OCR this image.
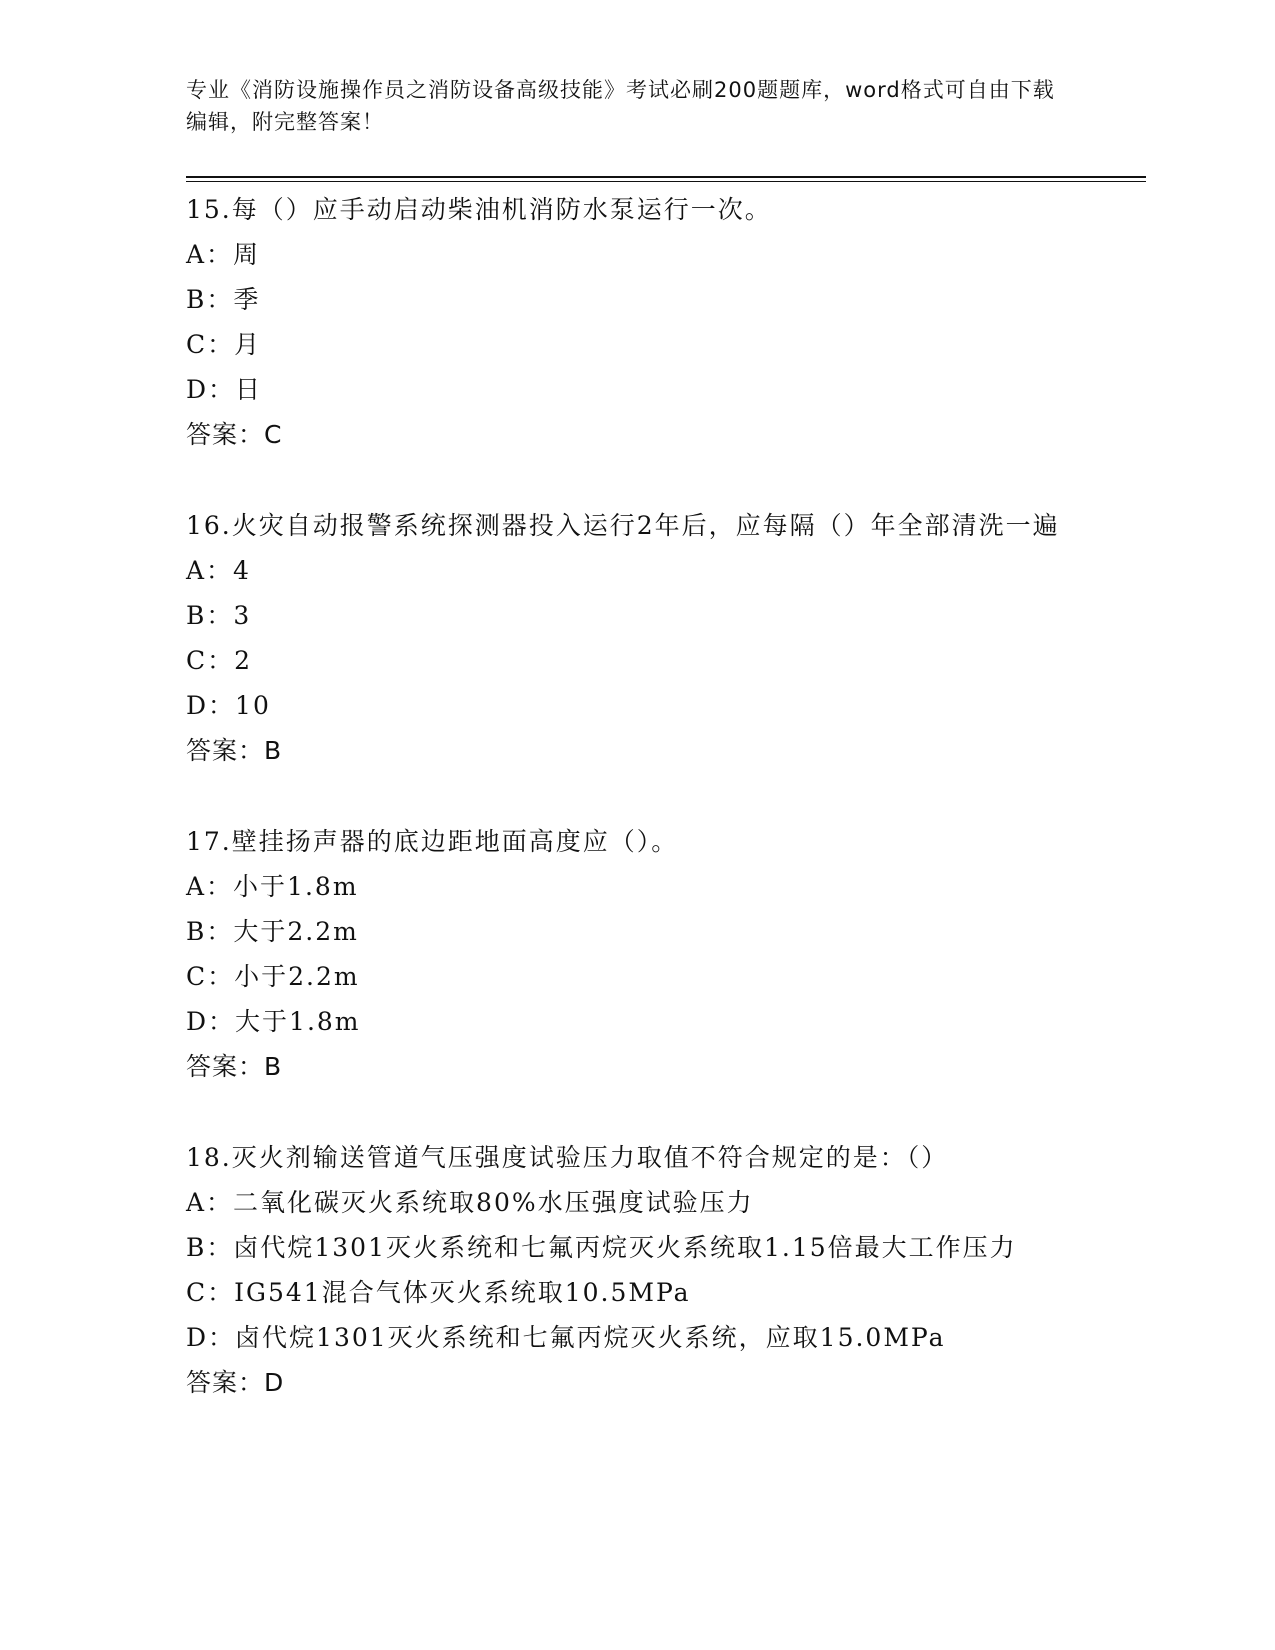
专业《消防设施操作员之消防设备高级技能》考试必刷200题题库，word格式可自由下载编辑，附完整答案！
15.每（）应手动启动柴油机消防水泵运行一次。
A：周
B：季
C：月
D：日
答案：C
16.火灾自动报警系统探测器投入运行2年后，应每隔（）年全部清洗一遍
A：4
B：3
C：2
D：10
答案：B
17.壁挂扬声器的底边距地面高度应（）。
A：小于1.8m
B：大于2.2m
C：小于2.2m
D：大于1.8m
答案：B
18.灭火剂输送管道气压强度试验压力取值不符合规定的是：（）
A：二氧化碳灭火系统取80%水压强度试验压力
B：卤代烷1301灭火系统和七氟丙烷灭火系统取1.15倍最大工作压力
C：IG541混合气体灭火系统取10.5MPa
D：卤代烷1301灭火系统和七氟丙烷灭火系统，应取15.0MPa
答案：D
